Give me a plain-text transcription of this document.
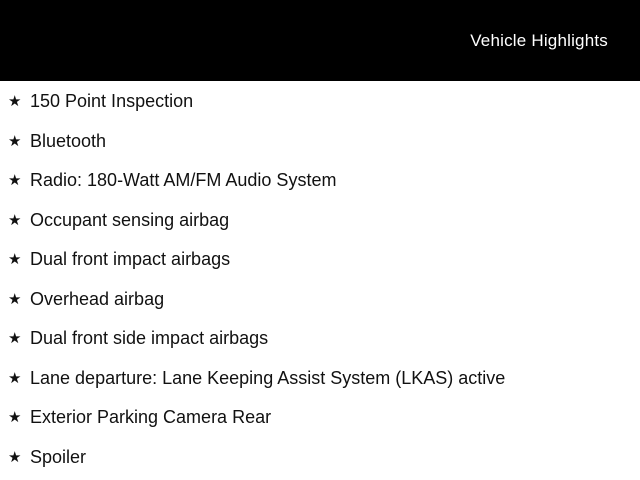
Vehicle Highlights
★ 150 Point Inspection
★ Bluetooth
★ Radio: 180-Watt AM/FM Audio System
★ Occupant sensing airbag
★ Dual front impact airbags
★ Overhead airbag
★ Dual front side impact airbags
★ Lane departure: Lane Keeping Assist System (LKAS) active
★ Exterior Parking Camera Rear
★ Spoiler
